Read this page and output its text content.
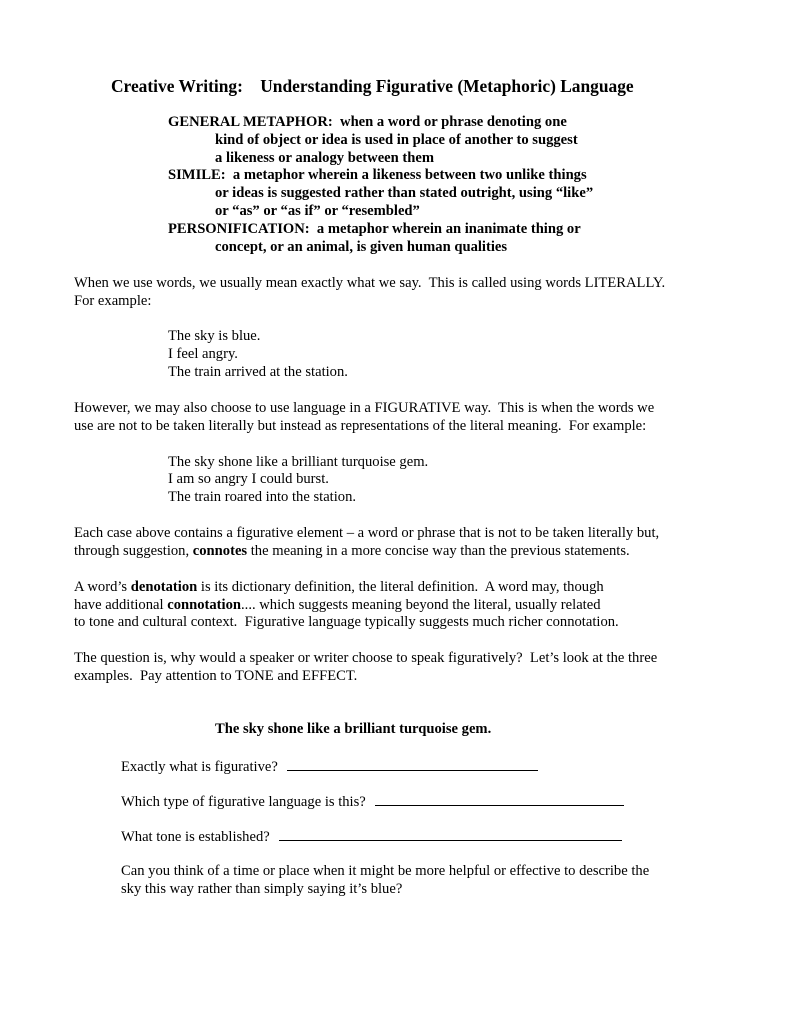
Creative Writing:    Understanding Figurative (Metaphoric) Language
GENERAL METAPHOR:  when a word or phrase denoting one
kind of object or idea is used in place of another to suggest
a likeness or analogy between them
SIMILE:  a metaphor wherein a likeness between two unlike things
or ideas is suggested rather than stated outright, using “like”
or “as” or “as if” or “resembled”
PERSONIFICATION:  a metaphor wherein an inanimate thing or
concept, or an animal, is given human qualities
When we use words, we usually mean exactly what we say.  This is called using words LITERALLY.
For example:
The sky is blue.
I feel angry.
The train arrived at the station.
However, we may also choose to use language in a FIGURATIVE way.  This is when the words we
use are not to be taken literally but instead as representations of the literal meaning.  For example:
The sky shone like a brilliant turquoise gem.
I am so angry I could burst.
The train roared into the station.
Each case above contains a figurative element – a word or phrase that is not to be taken literally but,
through suggestion, connotes the meaning in a more concise way than the previous statements.
A word’s denotation is its dictionary definition, the literal definition.  A word may, though
have additional connotation.... which suggests meaning beyond the literal, usually related
to tone and cultural context.  Figurative language typically suggests much richer connotation.
The question is, why would a speaker or writer choose to speak figuratively?  Let’s look at the three
examples.  Pay attention to TONE and EFFECT.
The sky shone like a brilliant turquoise gem.
Exactly what is figurative?
Which type of figurative language is this?
What tone is established?
Can you think of a time or place when it might be more helpful or effective to describe the
sky this way rather than simply saying it’s blue?
